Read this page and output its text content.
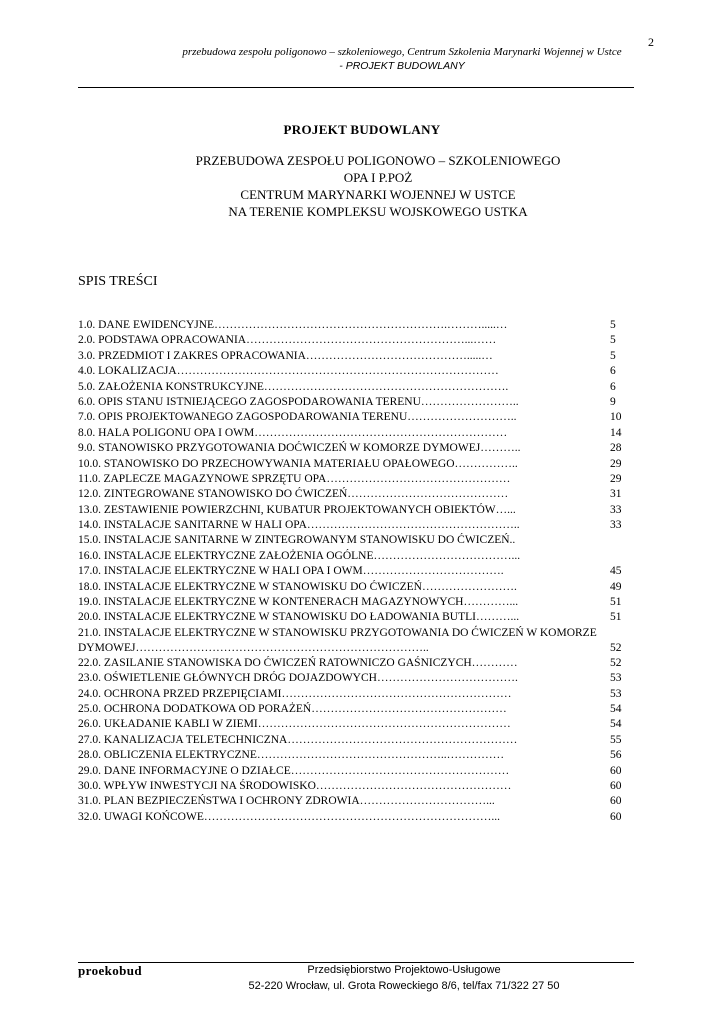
2
przebudowa zespołu poligonowo – szkoleniowego, Centrum Szkolenia Marynarki Wojennej w Ustce
- PROJEKT BUDOWLANY
PROJEKT BUDOWLANY
PRZEBUDOWA ZESPOŁU POLIGONOWO – SZKOLENIOWEGO
OPA I P.POŻ
CENTRUM MARYNARKI WOJENNEJ W USTCE
NA TERENIE KOMPLEKSU WOJSKOWEGO USTKA
SPIS TREŚCI
1.0. DANE EWIDENCYJNE…………………………………………………….……….....…	5
2.0. PODSTAWA OPRACOWANIA…………………………………………………...……	5
3.0. PRZEDMIOT I ZAKRES OPRACOWANIA…………………………………….....…	5
4.0. LOKALIZACJA…………………………………………………………………………	6
5.0. ZAŁOŻENIA KONSTRUKCYJNE……………………………………………………….	6
6.0. OPIS STANU ISTNIEJĄCEGO ZAGOSPODAROWANIA TERENU……………………..	9
7.0. OPIS PROJEKTOWANEGO ZAGOSPODAROWANIA TERENU………………………..	10
8.0. HALA POLIGONU OPA I OWM…………………………………………………………	14
9.0. STANOWISKO PRZYGOTOWANIA DOĆWICZEŃ W KOMORZE DYMOWEJ………..	28
10.0. STANOWISKO DO PRZECHOWYWANIA MATERIAŁU OPAŁOWEGO……………..	29
11.0. ZAPLECZE MAGAZYNOWE SPRZĘTU OPA…………………………………………	29
12.0. ZINTEGROWANE STANOWISKO DO ĆWICZEŃ……………………………………	31
13.0. ZESTAWIENIE POWIERZCHNI, KUBATUR PROJEKTOWANYCH OBIEKTÓW…...	33
14.0. INSTALACJE SANITARNE W HALI OPA………………………………………………..	33
15.0. INSTALACJE SANITARNE W ZINTEGROWANYM STANOWISKU DO ĆWICZEŃ..
16.0. INSTALACJE ELEKTRYCZNE ZAŁOŻENIA OGÓLNE………………………………...
17.0. INSTALACJE ELEKTRYCZNE W HALI OPA I OWM……………………………….	45
18.0. INSTALACJE ELEKTRYCZNE W STANOWISKU DO ĆWICZEŃ…………………….	49
19.0. INSTALACJE ELEKTRYCZNE W KONTENERACH MAGAZYNOWYCH…………...	51
20.0. INSTALACJE ELEKTRYCZNE W STANOWISKU DO ŁADOWANIA BUTLI………...	51
21.0. INSTALACJE ELEKTRYCZNE W STANOWISKU PRZYGOTOWANIA DO ĆWICZEŃ W KOMORZE DYMOWEJ…………………………………………………………………..	52
22.0. ZASILANIE STANOWISKA DO ĆWICZEŃ RATOWNICZO GAŚNICZYCH…………	52
23.0. OŚWIETLENIE GŁÓWNYCH DRÓG DOJAZDOWYCH……………………………….	53
24.0. OCHRONA PRZED PRZEPIĘCIAMI……………………………………………………	53
25.0. OCHRONA DODATKOWA OD PORAŻEŃ……………………………………………	54
26.0. UKŁADANIE KABLI W ZIEMI…………………………………………………………	54
27.0. KANALIZACJA TELETECHNICZNA……………………………………………………	55
28.0. OBLICZENIA ELEKTRYCZNE…………………………………………..……………	56
29.0. DANE INFORMACYJNE O DZIAŁCE…………………………………………………	60
30.0. WPŁYW INWESTYCJI NA ŚRODOWISKO……………………………………………	60
31.0. PLAN BEZPIECZEŃSTWA I OCHRONY ZDROWIA……………………………...	60
32.0. UWAGI KOŃCOWE…………………………………………………………………...	60
proekobud	Przedsiębiorstwo Projektowo-Usługowe
52-220 Wrocław, ul. Grota Roweckiego 8/6, tel/fax 71/322 27 50
